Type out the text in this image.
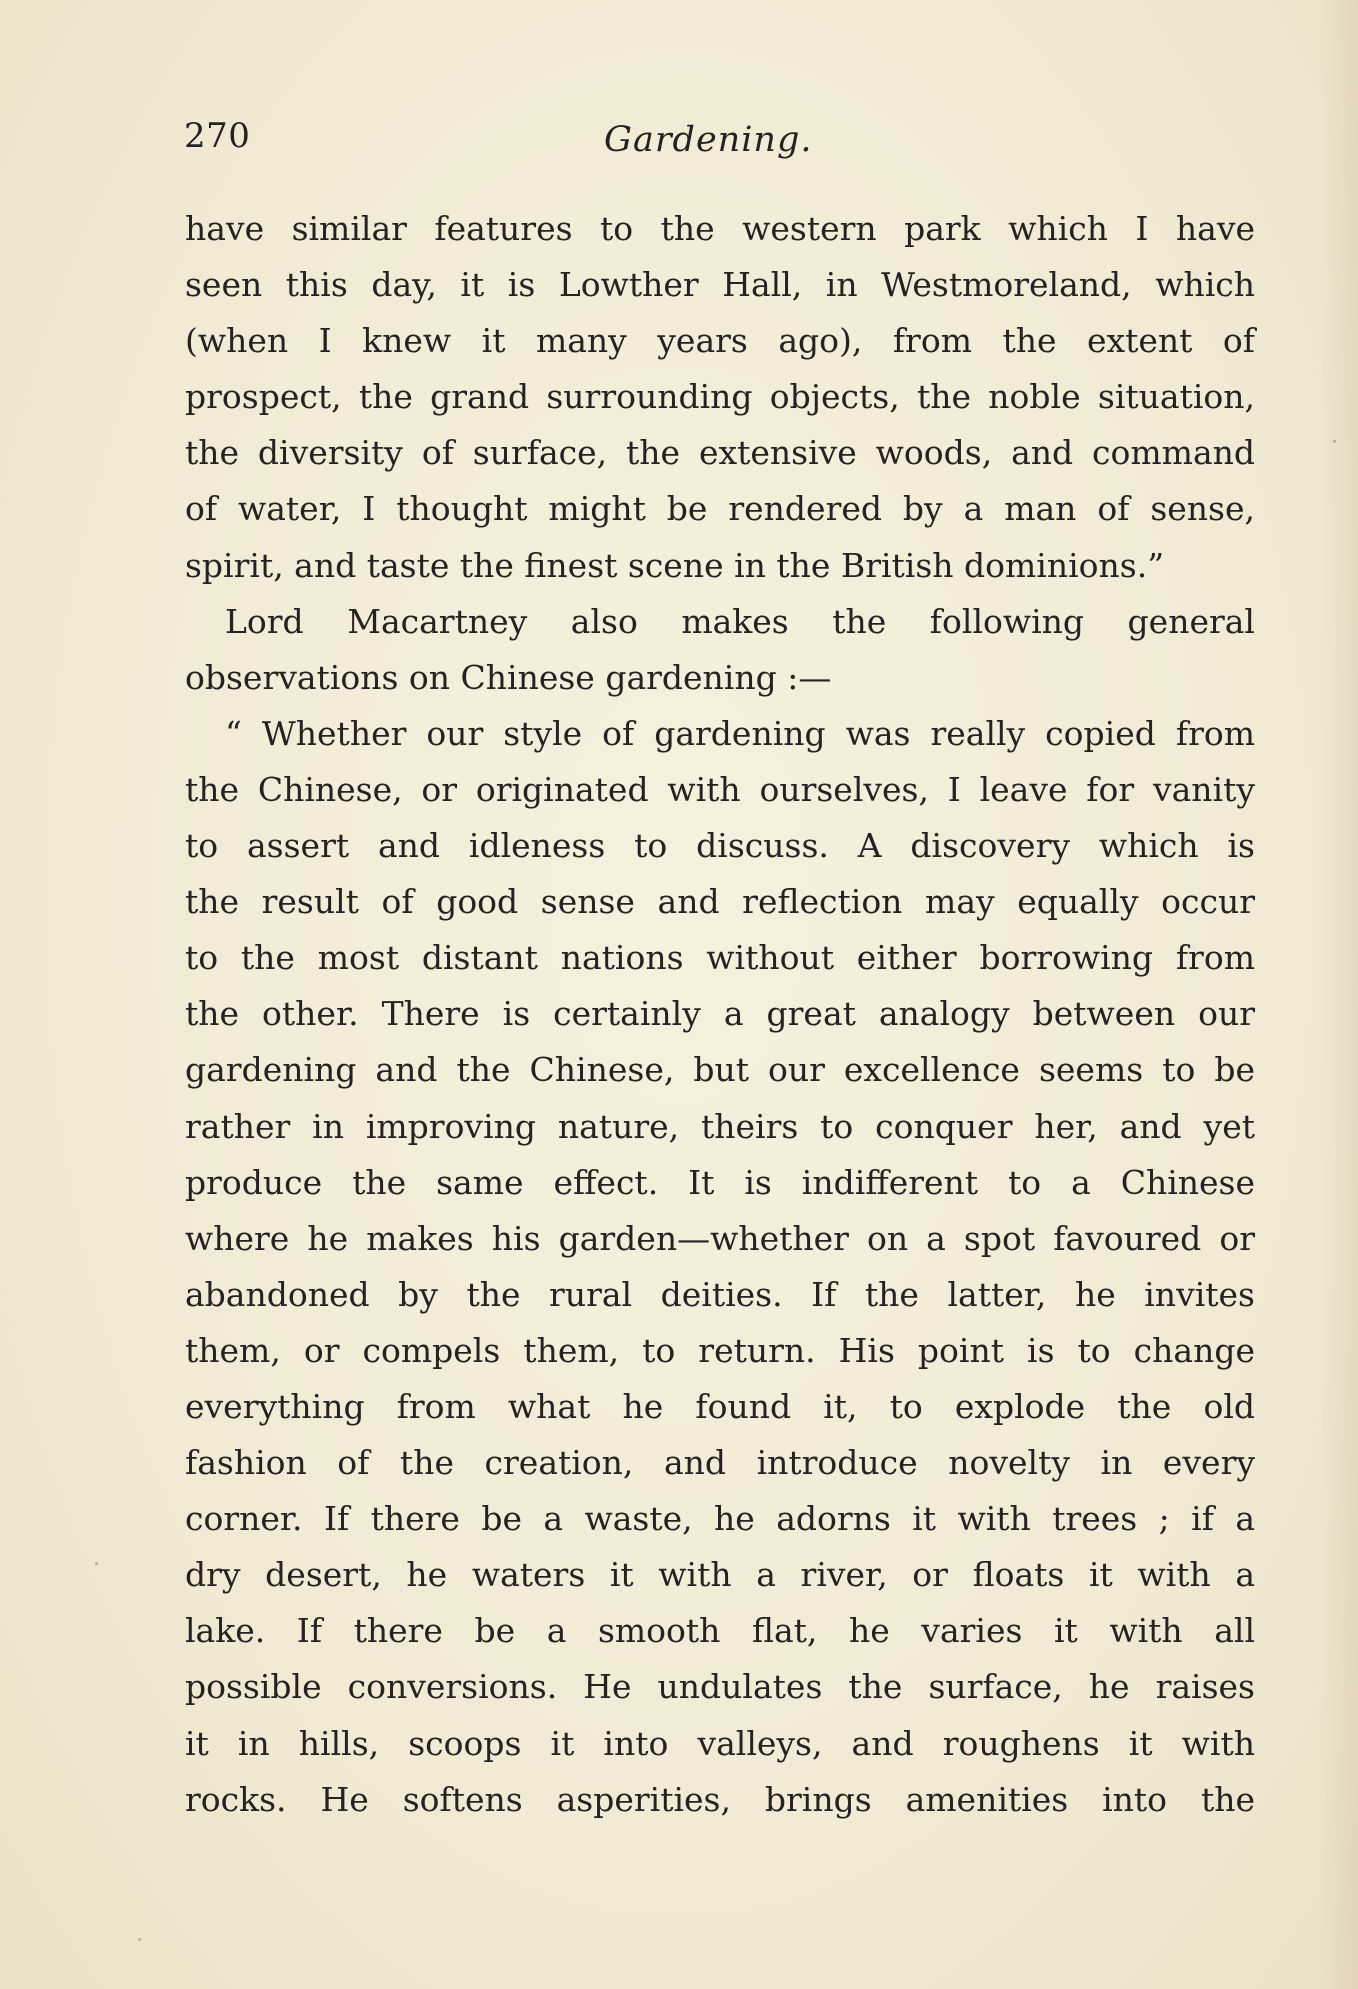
270	Gardening.
have similar features to the western park which I have
seen this day, it is Lowther Hall, in Westmoreland, which
(when I knew it many years ago), from the extent of
prospect, the grand surrounding objects, the noble situation,
the diversity of surface, the extensive woods, and command
of water, I thought might be rendered by a man of sense,
spirit, and taste the finest scene in the British dominions.”
Lord Macartney also makes the following general
observations on Chinese gardening :—
“ Whether our style of gardening was really copied from
the Chinese, or originated with ourselves, I leave for vanity
to assert and idleness to discuss. A discovery which is
the result of good sense and reflection may equally occur
to the most distant nations without either borrowing from
the other. There is certainly a great analogy between our
gardening and the Chinese, but our excellence seems to be
rather in improving nature, theirs to conquer her, and yet
produce the same effect. It is indifferent to a Chinese
where he makes his garden—whether on a spot favoured or
abandoned by the rural deities. If the latter, he invites
them, or compels them, to return. His point is to change
everything from what he found it, to explode the old
fashion of the creation, and introduce novelty in every
corner. If there be a waste, he adorns it with trees ; if a
dry desert, he waters it with a river, or floats it with a
lake. If there be a smooth flat, he varies it with all
possible conversions. He undulates the surface, he raises
it in hills, scoops it into valleys, and roughens it with
rocks. He softens asperities, brings amenities into the
